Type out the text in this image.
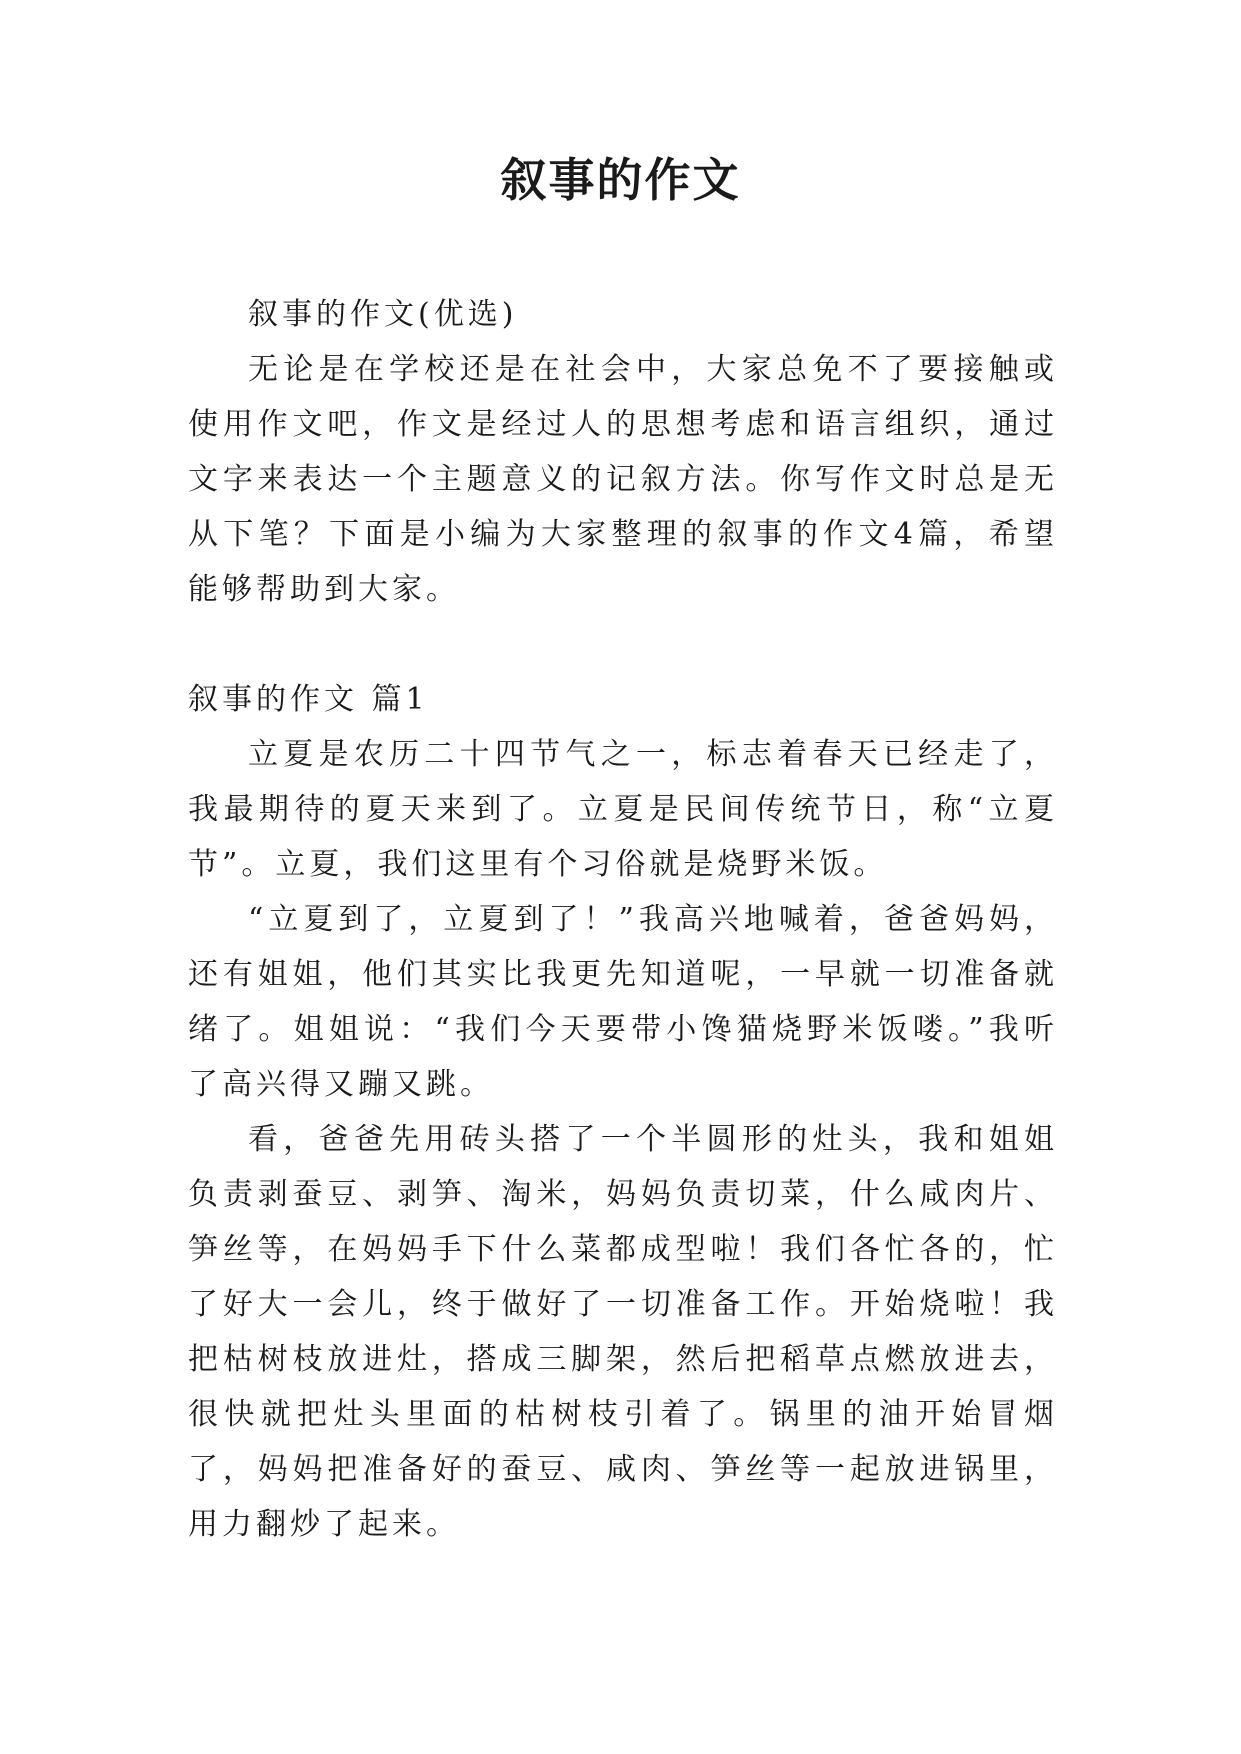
叙事的作文

叙事的作文(优选)

无论是在学校还是在社会中，大家总免不了要接触或使用作文吧，作文是经过人的思想考虑和语言组织，通过文字来表达一个主题意义的记叙方法。你写作文时总是无从下笔？下面是小编为大家整理的叙事的作文4篇，希望能够帮助到大家。

叙事的作文 篇1

立夏是农历二十四节气之一，标志着春天已经走了，我最期待的夏天来到了。立夏是民间传统节日，称“立夏节”。立夏，我们这里有个习俗就是烧野米饭。

“立夏到了，立夏到了！”我高兴地喊着，爸爸妈妈，还有姐姐，他们其实比我更先知道呢，一早就一切准备就绪了。姐姐说：“我们今天要带小馋猫烧野米饭喽。”我听了高兴得又蹦又跳。

看，爸爸先用砖头搭了一个半圆形的灶头，我和姐姐负责剥蚕豆、剥笋、淘米，妈妈负责切菜，什么咸肉片、笋丝等，在妈妈手下什么菜都成型啦！我们各忙各的，忙了好大一会儿，终于做好了一切准备工作。开始烧啦！我把枯树枝放进灶，搭成三脚架，然后把稻草点燃放进去，很快就把灶头里面的枯树枝引着了。锅里的油开始冒烟了，妈妈把准备好的蚕豆、咸肉、笋丝等一起放进锅里，用力翻炒了起来。
